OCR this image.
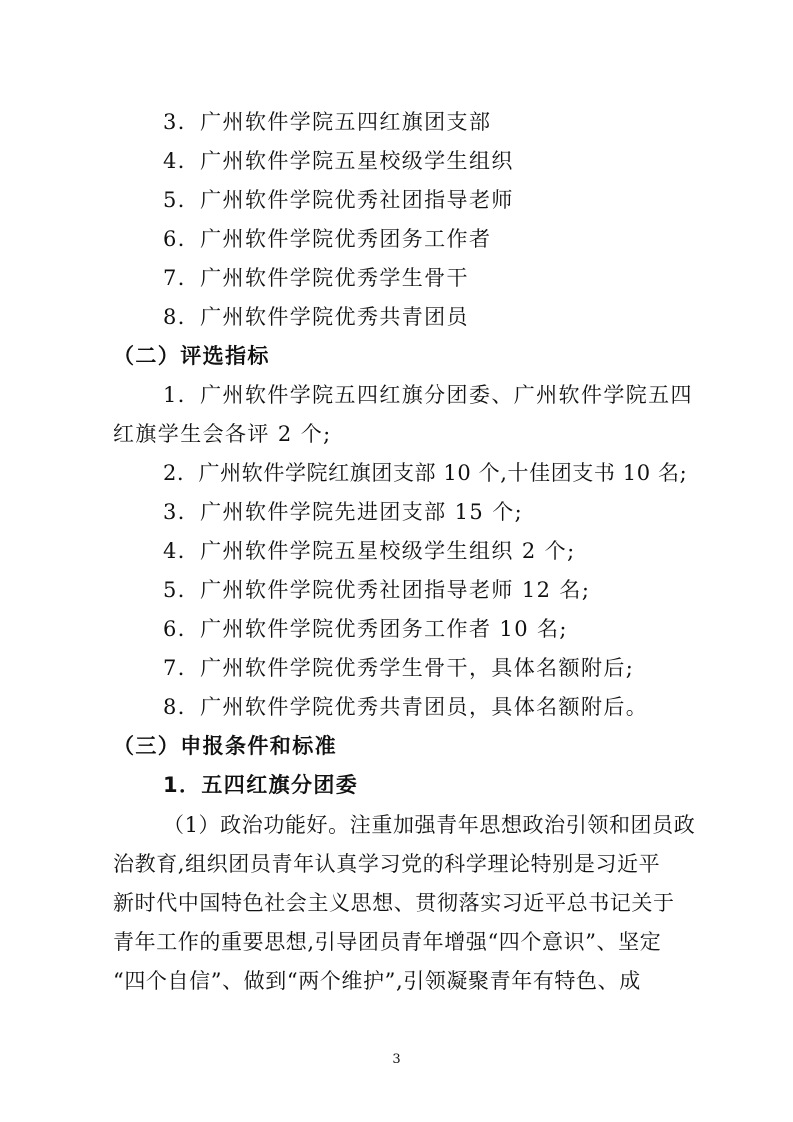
3．广州软件学院五四红旗团支部
4．广州软件学院五星校级学生组织
5．广州软件学院优秀社团指导老师
6．广州软件学院优秀团务工作者
7．广州软件学院优秀学生骨干
8．广州软件学院优秀共青团员
（二）评选指标
1．广州软件学院五四红旗分团委、广州软件学院五四
红旗学生会各评 2 个;
2．广州软件学院红旗团支部 10 个,十佳团支书 10 名;
3．广州软件学院先进团支部 15 个;
4．广州软件学院五星校级学生组织 2 个;
5．广州软件学院优秀社团指导老师 12 名;
6．广州软件学院优秀团务工作者 10 名;
7．广州软件学院优秀学生骨干，具体名额附后;
8．广州软件学院优秀共青团员，具体名额附后。
（三）申报条件和标准
1．五四红旗分团委
（1）政治功能好。注重加强青年思想政治引领和团员政
治教育,组织团员青年认真学习党的科学理论特别是习近平
新时代中国特色社会主义思想、贯彻落实习近平总书记关于
青年工作的重要思想,引导团员青年增强“四个意识”、坚定
“四个自信”、做到“两个维护”,引领凝聚青年有特色、成
3
